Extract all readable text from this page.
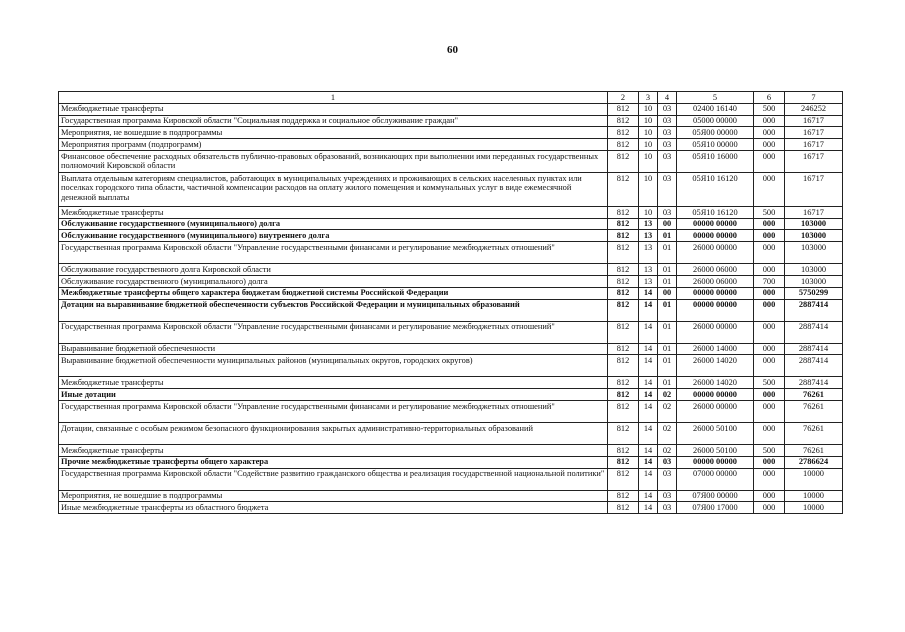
60
1	2	3	4	5	6	7
Межбюджетные трансферты	812	10	03	02400 16140	500	246252
Государственная программа Кировской области "Социальная поддержка и социальное обслуживание граждан"	812	10	03	05000 00000	000	16717
Мероприятия, не вошедшие в подпрограммы	812	10	03	05Я00 00000	000	16717
Мероприятия программ (подпрограмм)	812	10	03	05Я10 00000	000	16717
Финансовое обеспечение расходных обязательств публично-правовых образований, возникающих при выполнении ими переданных государственных полномочий Кировской области	812	10	03	05Я10 16000	000	16717
Выплата отдельным категориям специалистов, работающих в муниципальных учреждениях и проживающих в сельских населенных пунктах или поселках городского типа области, частичной компенсации расходов на оплату жилого помещения и коммунальных услуг в виде ежемесячной денежной выплаты	812	10	03	05Я10 16120	000	16717
Межбюджетные трансферты	812	10	03	05Я10 16120	500	16717
Обслуживание государственного (муниципального) долга	812	13	00	00000 00000	000	103000
Обслуживание государственного (муниципального) внутреннего долга	812	13	01	00000 00000	000	103000
Государственная программа Кировской области "Управление государственными финансами и регулирование межбюджетных отношений"	812	13	01	26000 00000	000	103000
Обслуживание государственного долга Кировской области	812	13	01	26000 06000	000	103000
Обслуживание государственного (муниципального) долга	812	13	01	26000 06000	700	103000
Межбюджетные трансферты общего характера бюджетам бюджетной системы Российской Федерации	812	14	00	00000 00000	000	5750299
Дотации на выравнивание бюджетной обеспеченности субъектов Российской Федерации и муниципальных образований	812	14	01	00000 00000	000	2887414
Государственная программа Кировской области "Управление государственными финансами и регулирование межбюджетных отношений"	812	14	01	26000 00000	000	2887414
Выравнивание бюджетной обеспеченности	812	14	01	26000 14000	000	2887414
Выравнивание бюджетной обеспеченности муниципальных районов (муниципальных округов, городских округов)	812	14	01	26000 14020	000	2887414
Межбюджетные трансферты	812	14	01	26000 14020	500	2887414
Иные дотации	812	14	02	00000 00000	000	76261
Государственная программа Кировской области "Управление государственными финансами и регулирование межбюджетных отношений"	812	14	02	26000 00000	000	76261
Дотации, связанные с особым режимом безопасного функционирования закрытых административно-территориальных образований	812	14	02	26000 50100	000	76261
Межбюджетные трансферты	812	14	02	26000 50100	500	76261
Прочие межбюджетные трансферты общего характера	812	14	03	00000 00000	000	2786624
Государственная программа Кировской области "Содействие развитию гражданского общества и реализация государственной национальной политики"	812	14	03	07000 00000	000	10000
Мероприятия, не вошедшие в подпрограммы	812	14	03	07Я00 00000	000	10000
Иные межбюджетные трансферты из областного бюджета	812	14	03	07Я00 17000	000	10000
